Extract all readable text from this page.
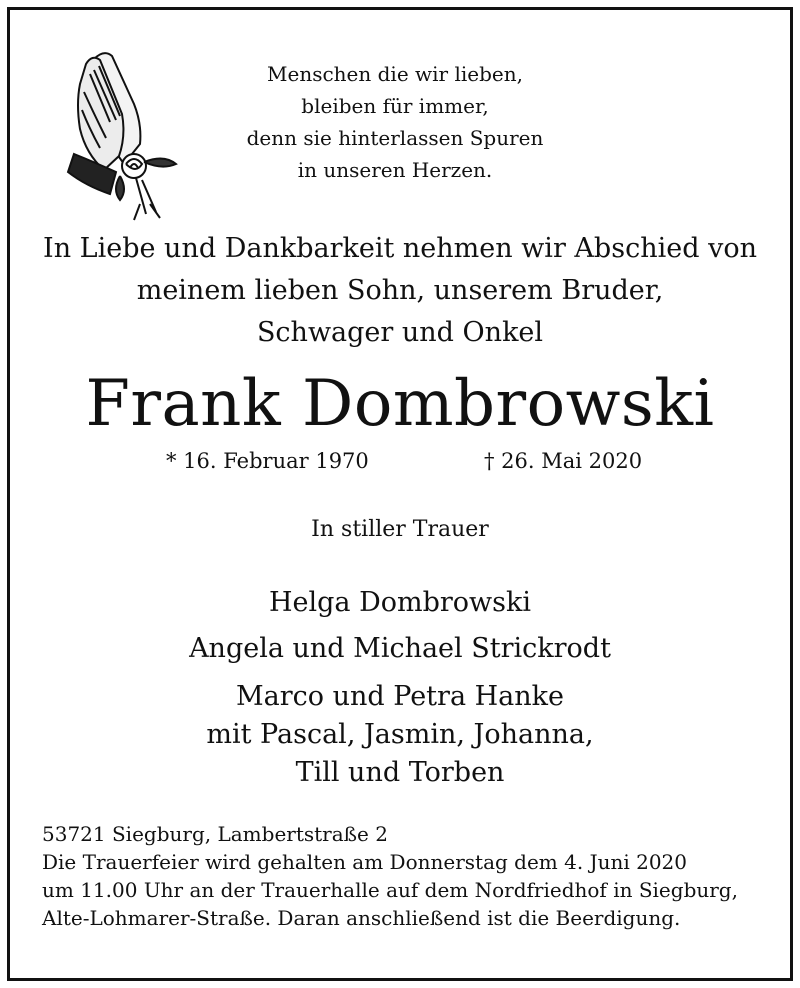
Menschen die wir lieben,
bleiben für immer,
denn sie hinterlassen Spuren
in unseren Herzen.
In Liebe und Dankbarkeit nehmen wir Abschied von
meinem lieben Sohn, unserem Bruder,
Schwager und Onkel
Frank Dombrowski
* 16. Februar 1970	† 26. Mai 2020
In stiller Trauer
Helga Dombrowski
Angela und Michael Strickrodt
Marco und Petra Hanke
mit Pascal, Jasmin, Johanna,
Till und Torben
53721 Siegburg, Lambertstraße 2
Die Trauerfeier wird gehalten am Donnerstag dem 4. Juni 2020
um 11.00 Uhr an der Trauerhalle auf dem Nordfriedhof in Siegburg,
Alte-Lohmarer-Straße. Daran anschließend ist die Beerdigung.
